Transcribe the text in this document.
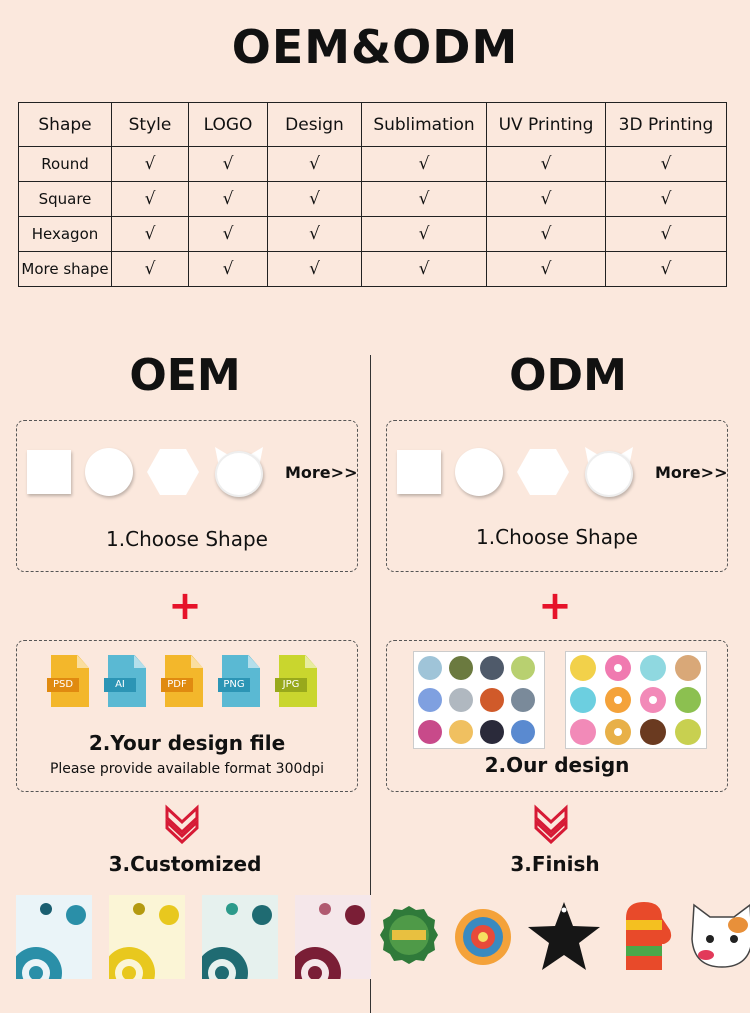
OEM&ODM
Shape	Style	LOGO	Design	Sublimation	UV Printing	3D Printing
Round	√	√	√	√	√	√
Square	√	√	√	√	√	√
Hexagon	√	√	√	√	√	√
More shape	√	√	√	√	√	√
OEM
More>>
1.Choose Shape
+
PSD	AI	PDF	PNG	JPG
2.Your design file
Please provide available format 300dpi
3.Customized
ODM
More>>
1.Choose Shape
+
2.Our design
3.Finish
